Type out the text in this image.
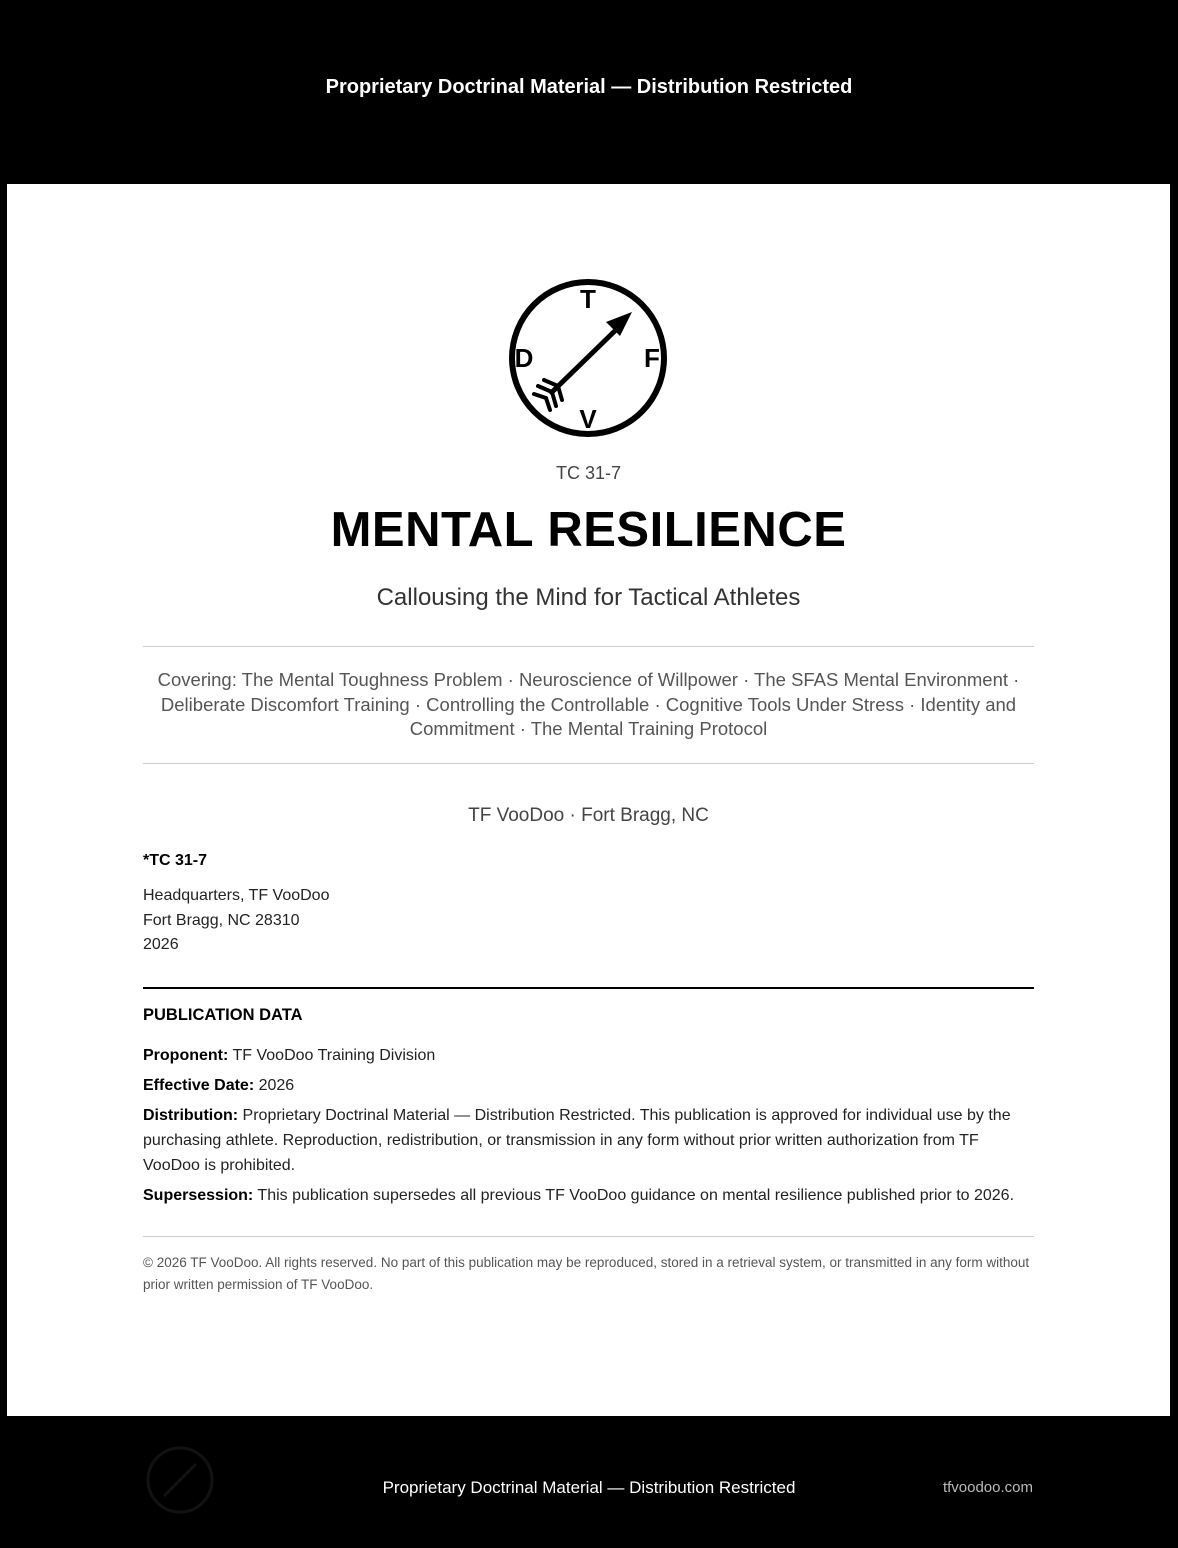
Proprietary Doctrinal Material — Distribution Restricted
T
D	F
V
TC 31-7
MENTAL RESILIENCE
Callousing the Mind for Tactical Athletes
Covering: The Mental Toughness Problem · Neuroscience of Willpower · The SFAS Mental Environment · Deliberate Discomfort Training · Controlling the Controllable · Cognitive Tools Under Stress · Identity and Commitment · The Mental Training Protocol
TF VooDoo · Fort Bragg, NC
*TC 31-7
Headquarters, TF VooDoo
Fort Bragg, NC 28310
2026
PUBLICATION DATA
Proponent: TF VooDoo Training Division
Effective Date: 2026
Distribution: Proprietary Doctrinal Material — Distribution Restricted. This publication is approved for individual use by the purchasing athlete. Reproduction, redistribution, or transmission in any form without prior written authorization from TF VooDoo is prohibited.
Supersession: This publication supersedes all previous TF VooDoo guidance on mental resilience published prior to 2026.
© 2026 TF VooDoo. All rights reserved. No part of this publication may be reproduced, stored in a retrieval system, or transmitted in any form without prior written permission of TF VooDoo.
Proprietary Doctrinal Material — Distribution Restricted	tfvoodoo.com
